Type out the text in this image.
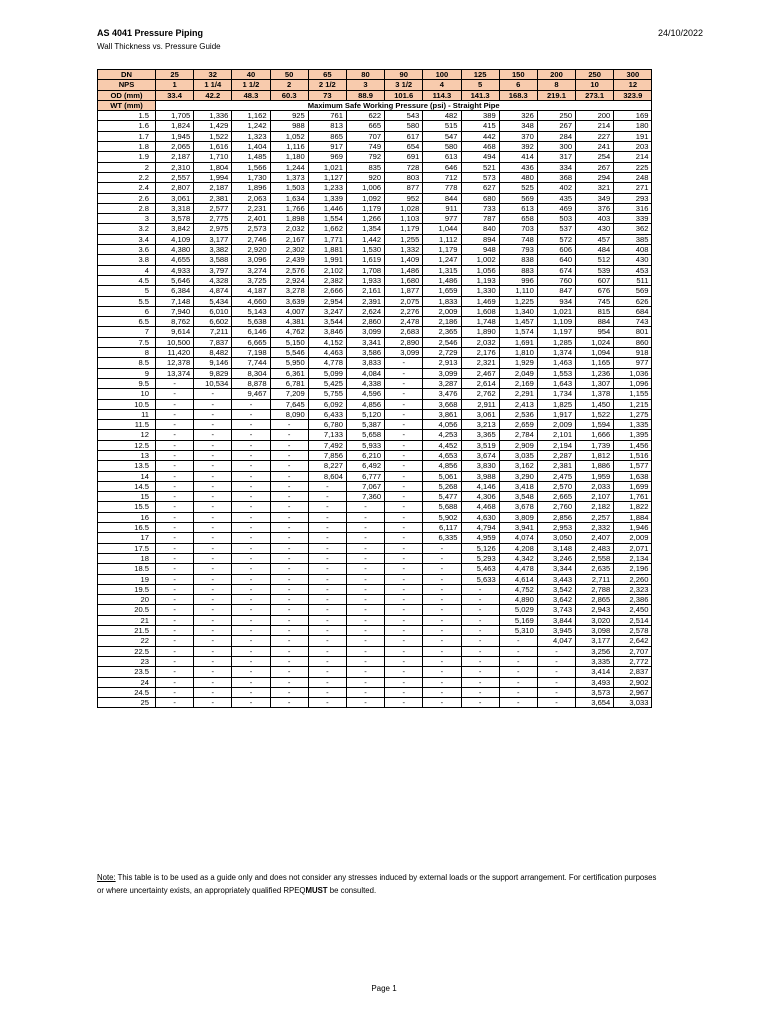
AS 4041 Pressure Piping
Wall Thickness vs. Pressure Guide
24/10/2022
DN	25	32	40	50	65	80	90	100	125	150	200	250	300
NPS	1	1 1/4	1 1/2	2	2 1/2	3	3 1/2	4	5	6	8	10	12
OD (mm)	33.4	42.2	48.3	60.3	73	88.9	101.6	114.3	141.3	168.3	219.1	273.1	323.9
WT (mm)	Maximum Safe Working Pressure (psi) - Straight Pipe												
1.5	1,705	1,336	1,162	925	761	622	543	482	389	326	250	200	169
1.6	1,824	1,429	1,242	988	813	665	580	515	415	348	267	214	180
1.7	1,945	1,522	1,323	1,052	865	707	617	547	442	370	284	227	191
1.8	2,065	1,616	1,404	1,116	917	749	654	580	468	392	300	241	203
1.9	2,187	1,710	1,485	1,180	969	792	691	613	494	414	317	254	214
2	2,310	1,804	1,566	1,244	1,021	835	728	646	521	436	334	267	225
2.2	2,557	1,994	1,730	1,373	1,127	920	803	712	573	480	368	294	248
2.4	2,807	2,187	1,896	1,503	1,233	1,006	877	778	627	525	402	321	271
2.6	3,061	2,381	2,063	1,634	1,339	1,092	952	844	680	569	435	349	293
2.8	3,318	2,577	2,231	1,766	1,446	1,179	1,028	911	733	613	469	376	316
3	3,578	2,775	2,401	1,898	1,554	1,266	1,103	977	787	658	503	403	339
3.2	3,842	2,975	2,573	2,032	1,662	1,354	1,179	1,044	840	703	537	430	362
3.4	4,109	3,177	2,746	2,167	1,771	1,442	1,255	1,112	894	748	572	457	385
3.6	4,380	3,382	2,920	2,302	1,881	1,530	1,332	1,179	948	793	606	484	408
3.8	4,655	3,588	3,096	2,439	1,991	1,619	1,409	1,247	1,002	838	640	512	430
4	4,933	3,797	3,274	2,576	2,102	1,708	1,486	1,315	1,056	883	674	539	453
4.5	5,646	4,328	3,725	2,924	2,382	1,933	1,680	1,486	1,193	996	760	607	511
5	6,384	4,874	4,187	3,278	2,666	2,161	1,877	1,659	1,330	1,110	847	676	569
5.5	7,148	5,434	4,660	3,639	2,954	2,391	2,075	1,833	1,469	1,225	934	745	626
6	7,940	6,010	5,143	4,007	3,247	2,624	2,276	2,009	1,608	1,340	1,021	815	684
6.5	8,762	6,602	5,638	4,381	3,544	2,860	2,478	2,186	1,748	1,457	1,109	884	743
7	9,614	7,211	6,146	4,762	3,846	3,099	2,683	2,365	1,890	1,574	1,197	954	801
7.5	10,500	7,837	6,665	5,150	4,152	3,341	2,890	2,546	2,032	1,691	1,285	1,024	860
8	11,420	8,482	7,198	5,546	4,463	3,586	3,099	2,729	2,176	1,810	1,374	1,094	918
8.5	12,378	9,146	7,744	5,950	4,778	3,833	-	2,913	2,321	1,929	1,463	1,165	977
9	13,374	9,829	8,304	6,361	5,099	4,084	-	3,099	2,467	2,049	1,553	1,236	1,036
9.5	-	10,534	8,878	6,781	5,425	4,338	-	3,287	2,614	2,169	1,643	1,307	1,096
10	-	-	9,467	7,209	5,755	4,596	-	3,476	2,762	2,291	1,734	1,378	1,155
10.5	-	-	-	7,645	6,092	4,856	-	3,668	2,911	2,413	1,825	1,450	1,215
11	-	-	-	8,090	6,433	5,120	-	3,861	3,061	2,536	1,917	1,522	1,275
11.5	-	-	-	-	6,780	5,387	-	4,056	3,213	2,659	2,009	1,594	1,335
12	-	-	-	-	7,133	5,658	-	4,253	3,365	2,784	2,101	1,666	1,395
12.5	-	-	-	-	7,492	5,933	-	4,452	3,519	2,909	2,194	1,739	1,456
13	-	-	-	-	7,856	6,210	-	4,653	3,674	3,035	2,287	1,812	1,516
13.5	-	-	-	-	8,227	6,492	-	4,856	3,830	3,162	2,381	1,886	1,577
14	-	-	-	-	8,604	6,777	-	5,061	3,988	3,290	2,475	1,959	1,638
14.5	-	-	-	-	-	7,067	-	5,268	4,146	3,418	2,570	2,033	1,699
15	-	-	-	-	-	7,360	-	5,477	4,306	3,548	2,665	2,107	1,761
15.5	-	-	-	-	-	-	-	5,688	4,468	3,678	2,760	2,182	1,822
16	-	-	-	-	-	-	-	5,902	4,630	3,809	2,856	2,257	1,884
16.5	-	-	-	-	-	-	-	6,117	4,794	3,941	2,953	2,332	1,946
17	-	-	-	-	-	-	-	6,335	4,959	4,074	3,050	2,407	2,009
17.5	-	-	-	-	-	-	-	-	5,126	4,208	3,148	2,483	2,071
18	-	-	-	-	-	-	-	-	5,293	4,342	3,246	2,558	2,134
18.5	-	-	-	-	-	-	-	-	5,463	4,478	3,344	2,635	2,196
19	-	-	-	-	-	-	-	-	5,633	4,614	3,443	2,711	2,260
19.5	-	-	-	-	-	-	-	-	-	4,752	3,542	2,788	2,323
20	-	-	-	-	-	-	-	-	-	4,890	3,642	2,865	2,386
20.5	-	-	-	-	-	-	-	-	-	5,029	3,743	2,943	2,450
21	-	-	-	-	-	-	-	-	-	5,169	3,844	3,020	2,514
21.5	-	-	-	-	-	-	-	-	-	5,310	3,945	3,098	2,578
22	-	-	-	-	-	-	-	-	-	-	4,047	3,177	2,642
22.5	-	-	-	-	-	-	-	-	-	-	-	3,256	2,707
23	-	-	-	-	-	-	-	-	-	-	-	3,335	2,772
23.5	-	-	-	-	-	-	-	-	-	-	-	3,414	2,837
24	-	-	-	-	-	-	-	-	-	-	-	3,493	2,902
24.5	-	-	-	-	-	-	-	-	-	-	-	3,573	2,967
25	-	-	-	-	-	-	-	-	-	-	-	3,654	3,033
Note: This table is to be used as a guide only and does not consider any stresses induced by external loads or the support arrangement. For certification purposes or where uncertainty exists, an appropriately qualified RPEQMUST be consulted.
Page 1
